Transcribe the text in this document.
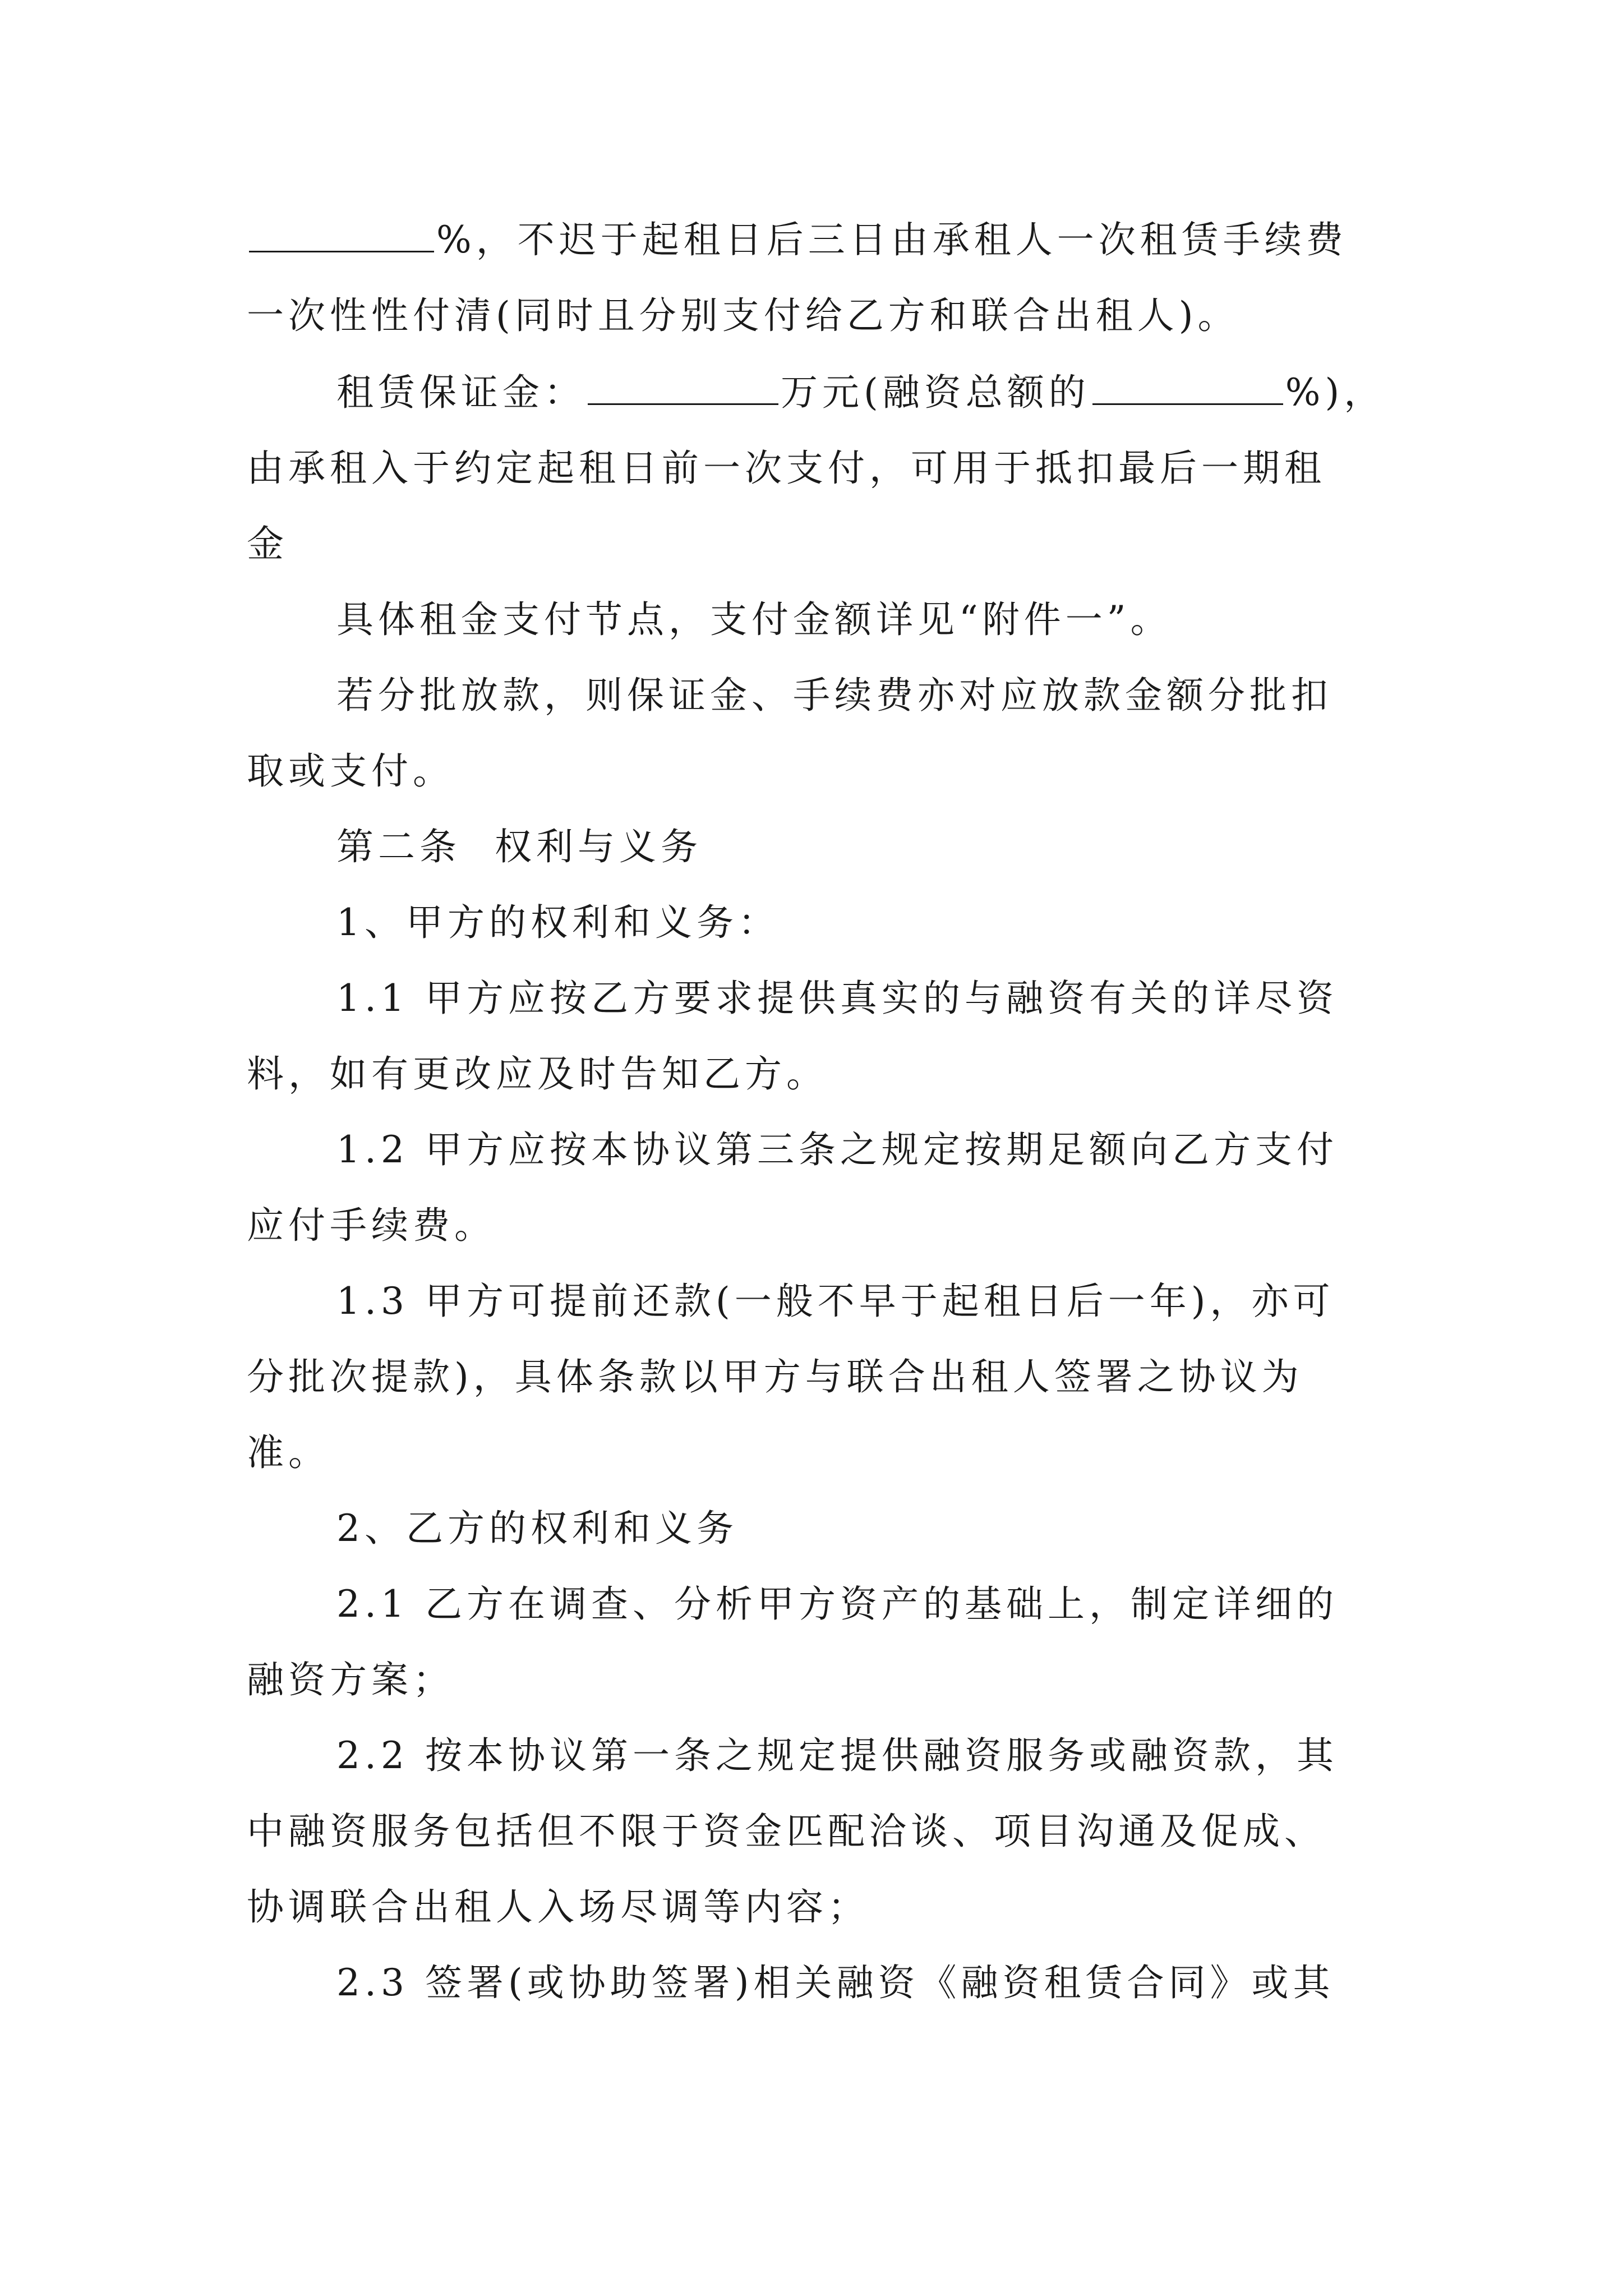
%，不迟于起租日后三日由承租人一次租赁手续费
一次性性付清(同时且分别支付给乙方和联合出租人)。
租赁保证金：	万元(融资总额的	%)，
由承租入于约定起租日前一次支付，可用于抵扣最后一期租
金
具体租金支付节点，支付金额详见“附件一”。
若分批放款，则保证金、手续费亦对应放款金额分批扣
取或支付。
第二条 权利与义务
1、甲方的权利和义务：
1.1 甲方应按乙方要求提供真实的与融资有关的详尽资
料，如有更改应及时告知乙方。
1.2 甲方应按本协议第三条之规定按期足额向乙方支付
应付手续费。
1.3 甲方可提前还款(一般不早于起租日后一年)，亦可
分批次提款)，具体条款以甲方与联合出租人签署之协议为
准。
2、乙方的权利和义务
2.1 乙方在调查、分析甲方资产的基础上，制定详细的
融资方案；
2.2 按本协议第一条之规定提供融资服务或融资款，其
中融资服务包括但不限于资金匹配洽谈、项目沟通及促成、
协调联合出租人入场尽调等内容；
2.3 签署(或协助签署)相关融资《融资租赁合同》或其
